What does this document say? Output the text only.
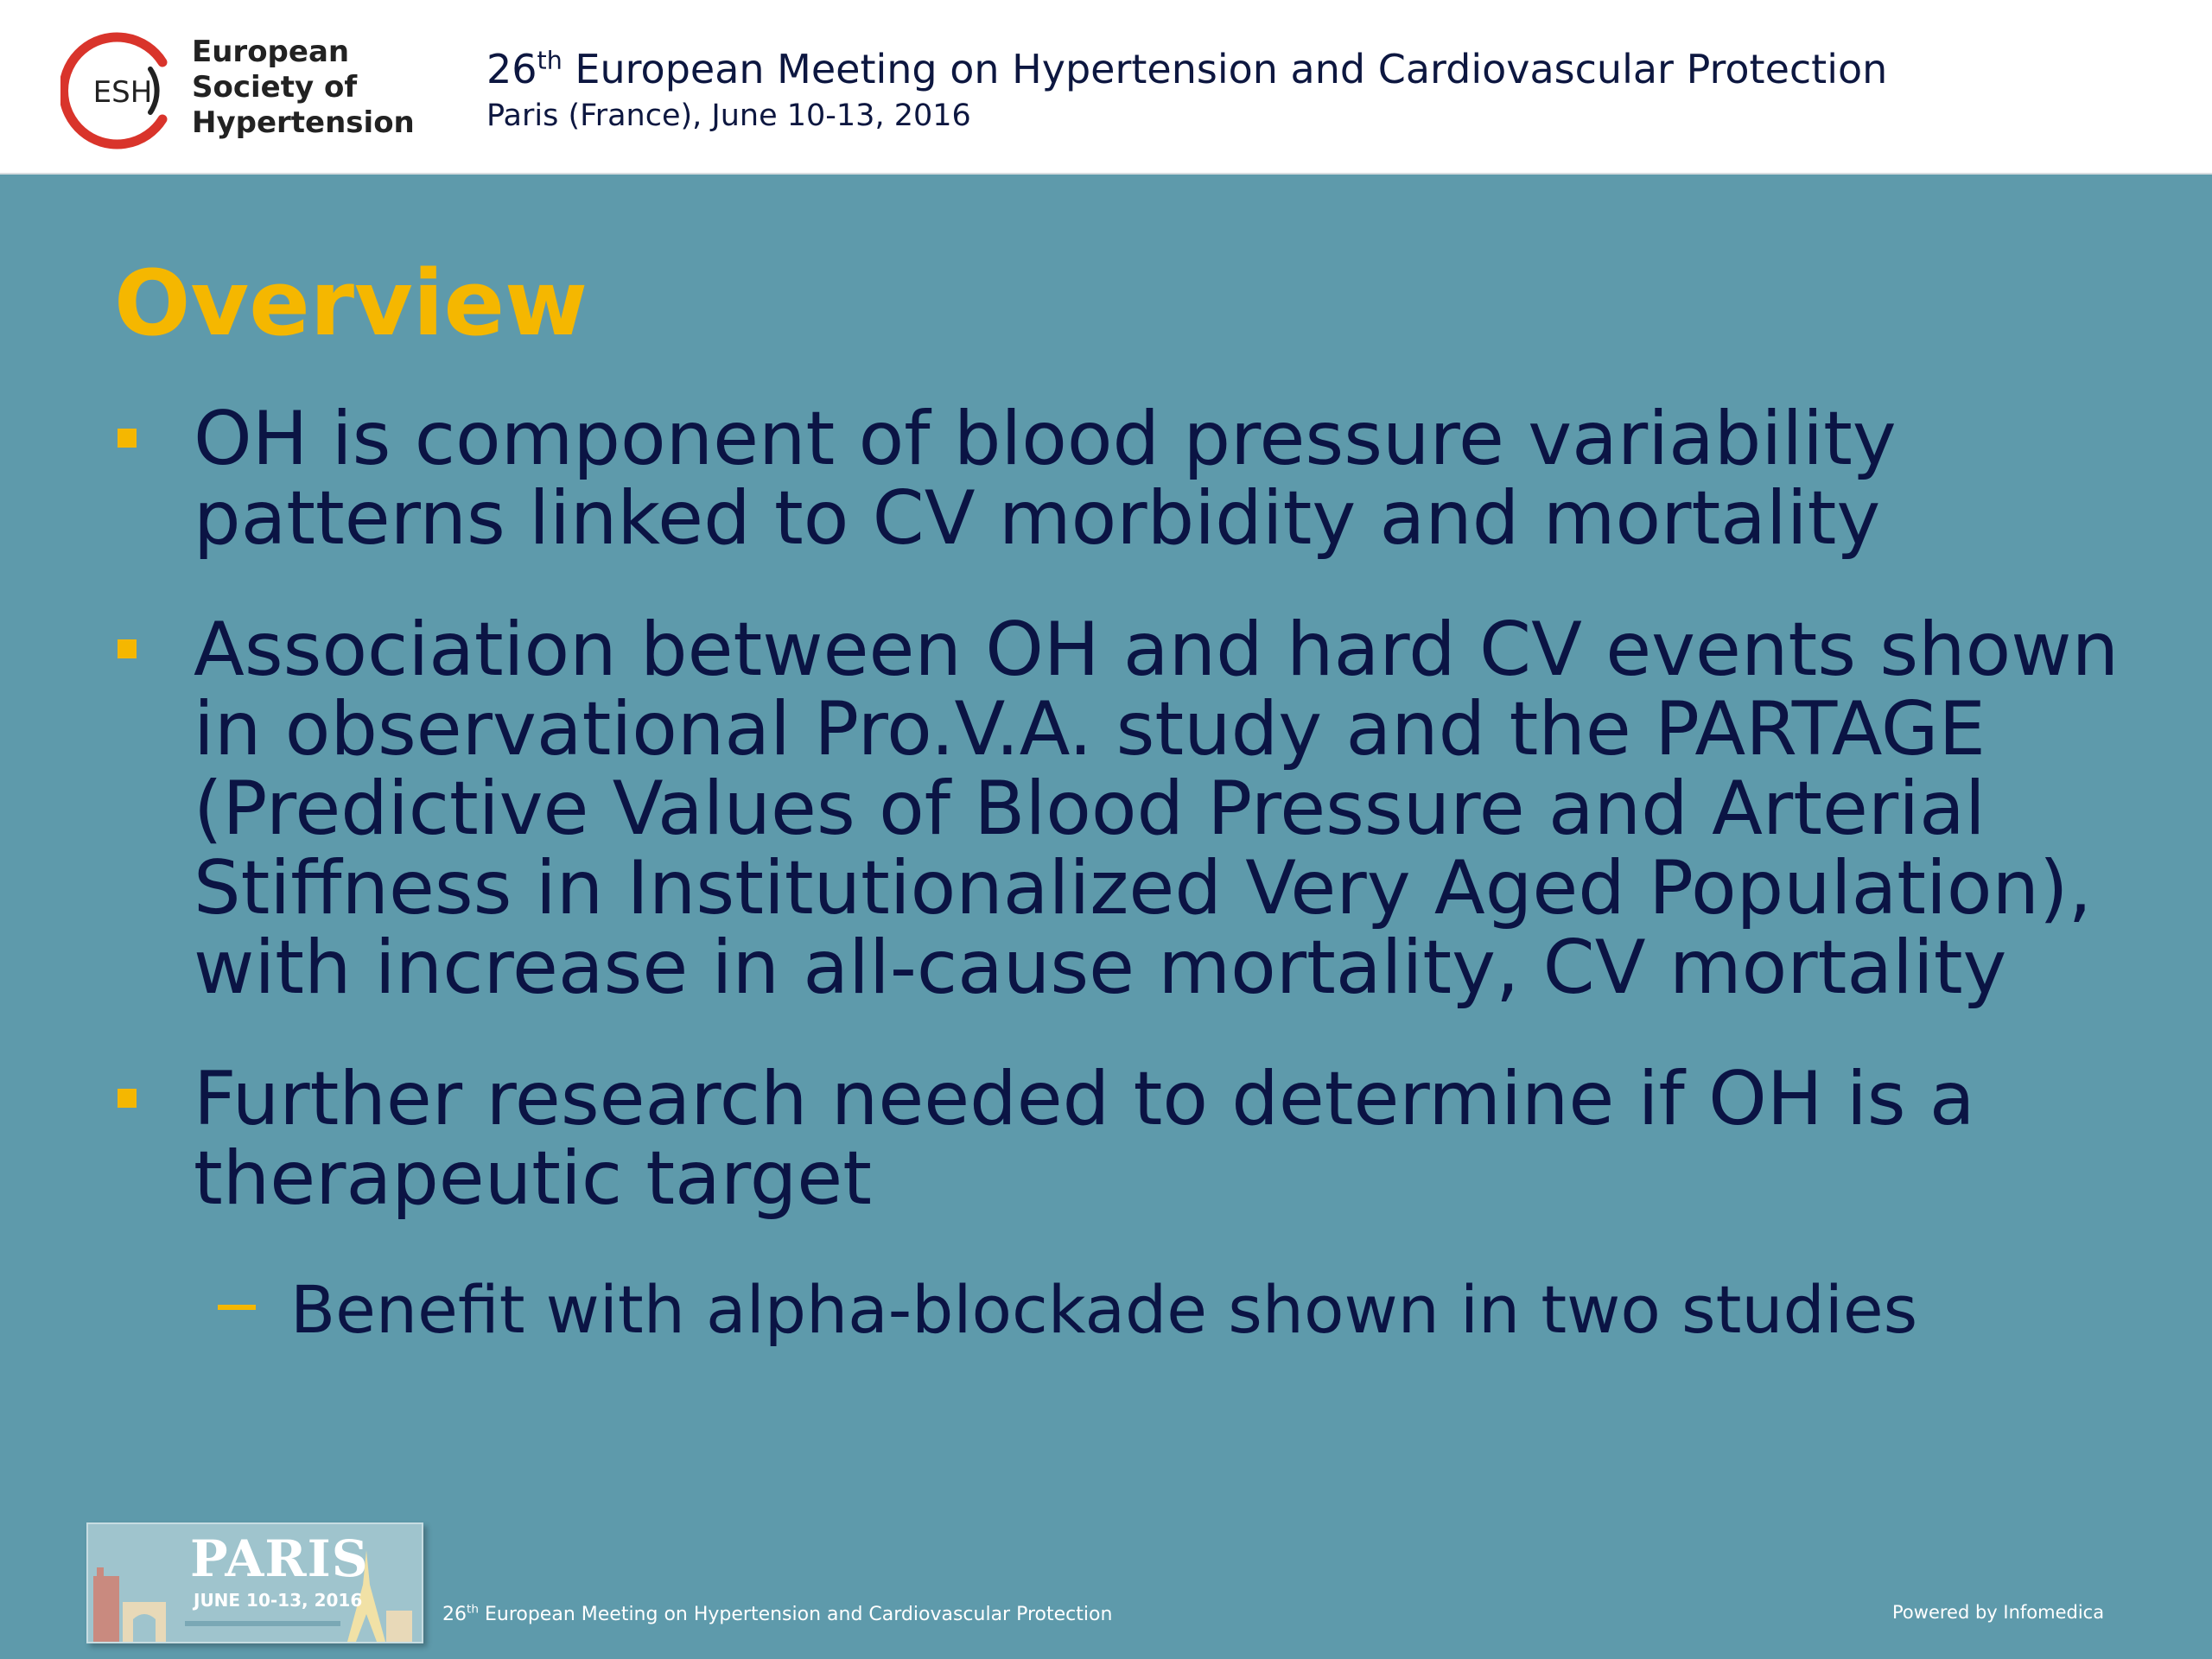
ESH
European
Society of
Hypertension
26th European Meeting on Hypertension and Cardiovascular Protection
Paris (France), June 10-13, 2016
Overview
OH is component of blood pressure variability
patterns linked to CV morbidity and mortality
Association between OH and hard CV events shown
in observational Pro.V.A. study and the PARTAGE
(Predictive Values of Blood Pressure and Arterial
Stiffness in Institutionalized Very Aged Population),
with increase in all-cause mortality, CV mortality
Further research needed to determine if OH is a
therapeutic target
Benefit with alpha-blockade shown in two studies
PARIS
JUNE 10-13, 2016
26th European Meeting on Hypertension and Cardiovascular Protection	Powered by Infomedica
